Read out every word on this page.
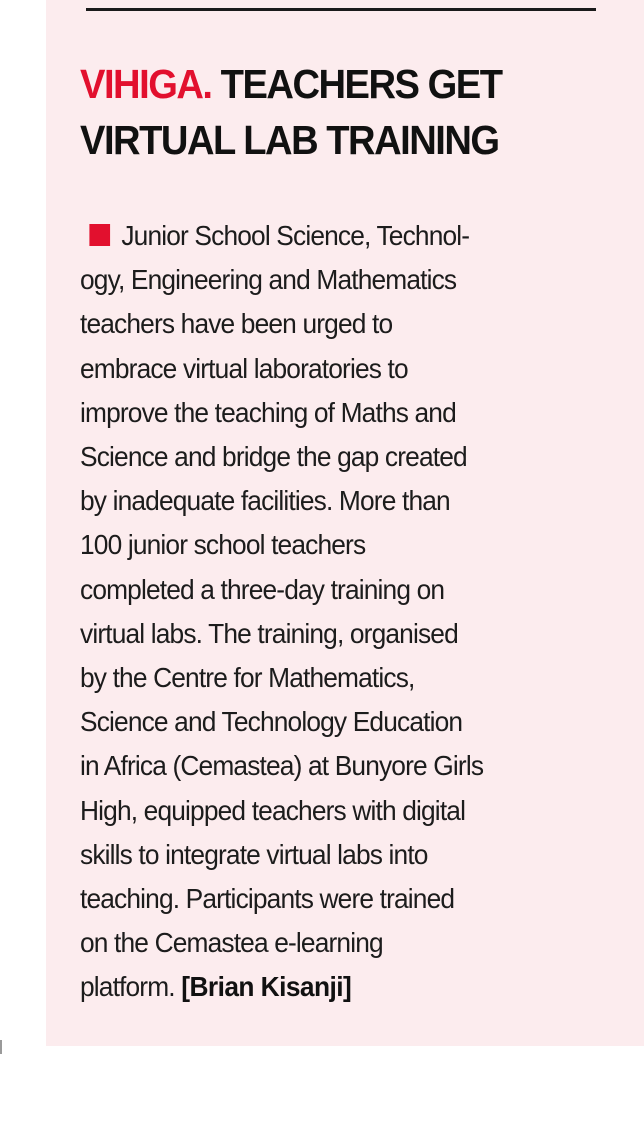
VIHIGA. TEACHERS GET
VIRTUAL LAB TRAINING

Junior School Science, Technol-
ogy, Engineering and Mathematics
teachers have been urged to
embrace virtual laboratories to
improve the teaching of Maths and
Science and bridge the gap created
by inadequate facilities. More than
100 junior school teachers
completed a three-day training on
virtual labs. The training, organised
by the Centre for Mathematics,
Science and Technology Education
in Africa (Cemastea) at Bunyore Girls
High, equipped teachers with digital
skills to integrate virtual labs into
teaching. Participants were trained
on the Cemastea e-learning
platform. [Brian Kisanji]
